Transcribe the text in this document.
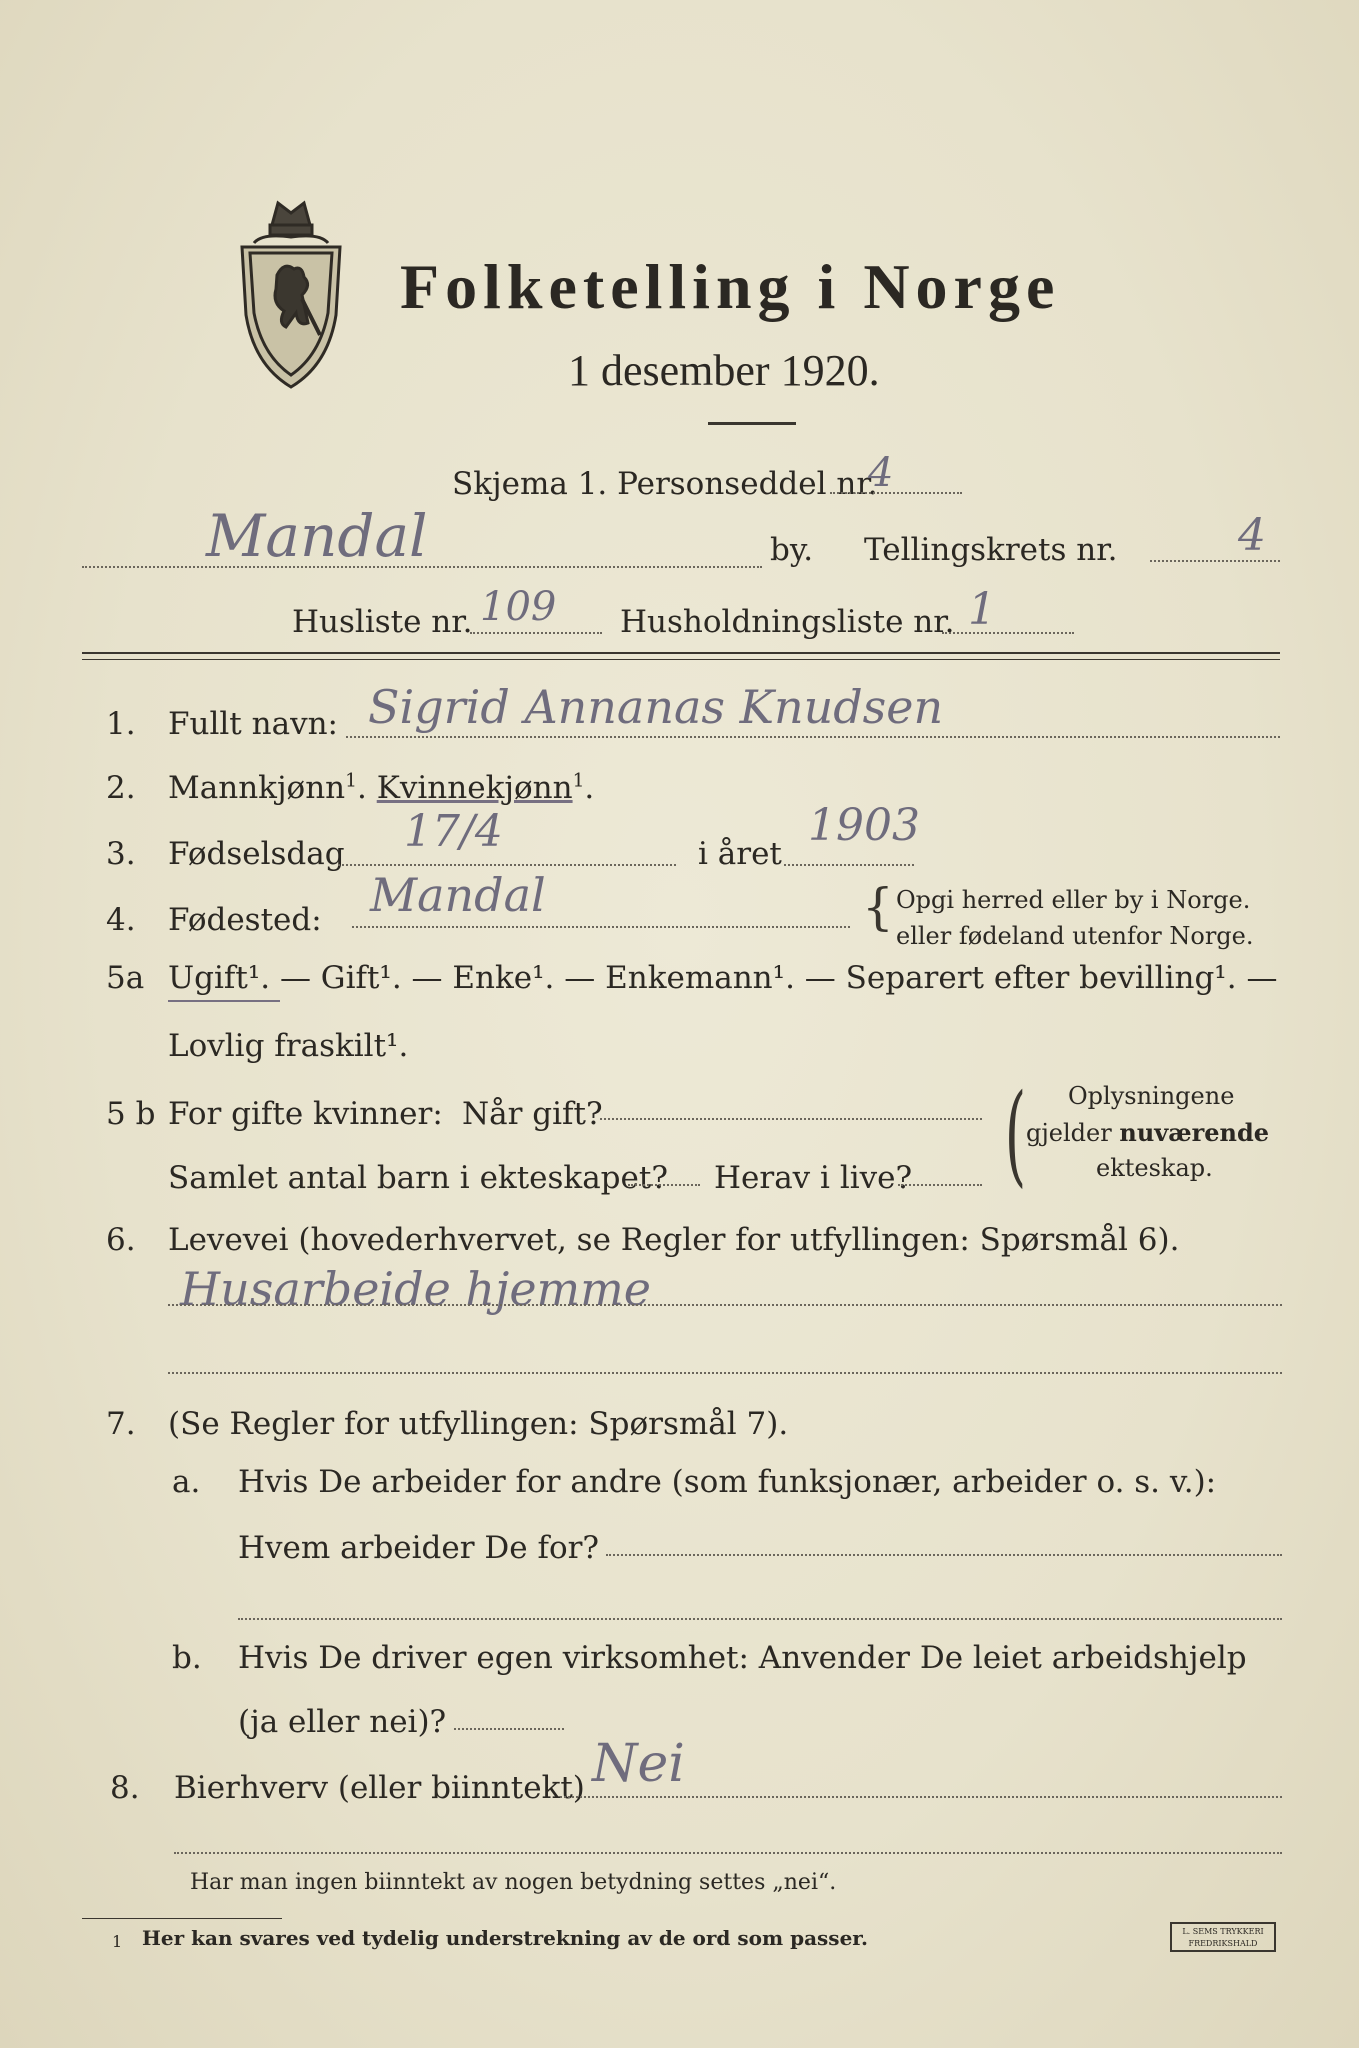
Folketelling i Norge
1 desember 1920.
Skjema 1. Personseddel nr.
4
Mandal	by. Tellingskrets nr.	4
Husliste nr. 109 Husholdningsliste nr. 1
1. Fullt navn: Sigrid Annanas Knudsen
2. Mannkjønn$^1$. Kvinnekjønn$^1$.
3. Fødselsdag 17/4	i året
1903
4. Fødested: Mandal	{ Opgi herred eller by i Norge.
eller fødeland utenfor Norge.
5a Ugift¹. — Gift¹. — Enke¹. — Enkemann¹. — Separert efter bevilling¹. —
Lovlig fraskilt¹.
5 b For gifte kvinner: Når gift?
Samlet antal barn i ekteskapet? Herav i live? ( Oplysningene
gjelder nuværende
ekteskap.
6. Levevei (hovederhvervet, se Regler for utfyllingen: Spørsmål 6).
Husarbeide hjemme
7. (Se Regler for utfyllingen: Spørsmål 7).
a. Hvis De arbeider for andre (som funksjonær, arbeider o. s. v.):
Hvem arbeider De for?
b. Hvis De driver egen virksomhet: Anvender De leiet arbeidshjelp
(ja eller nei)?
8. Bierhverv (eller biinntekt) Nei
Har man ingen biinntekt av nogen betydning settes „nei“.
1 Her kan svares ved tydelig understrekning av de ord som passer.	L. SEMS TRYKKERI
FREDRIKSHALD
